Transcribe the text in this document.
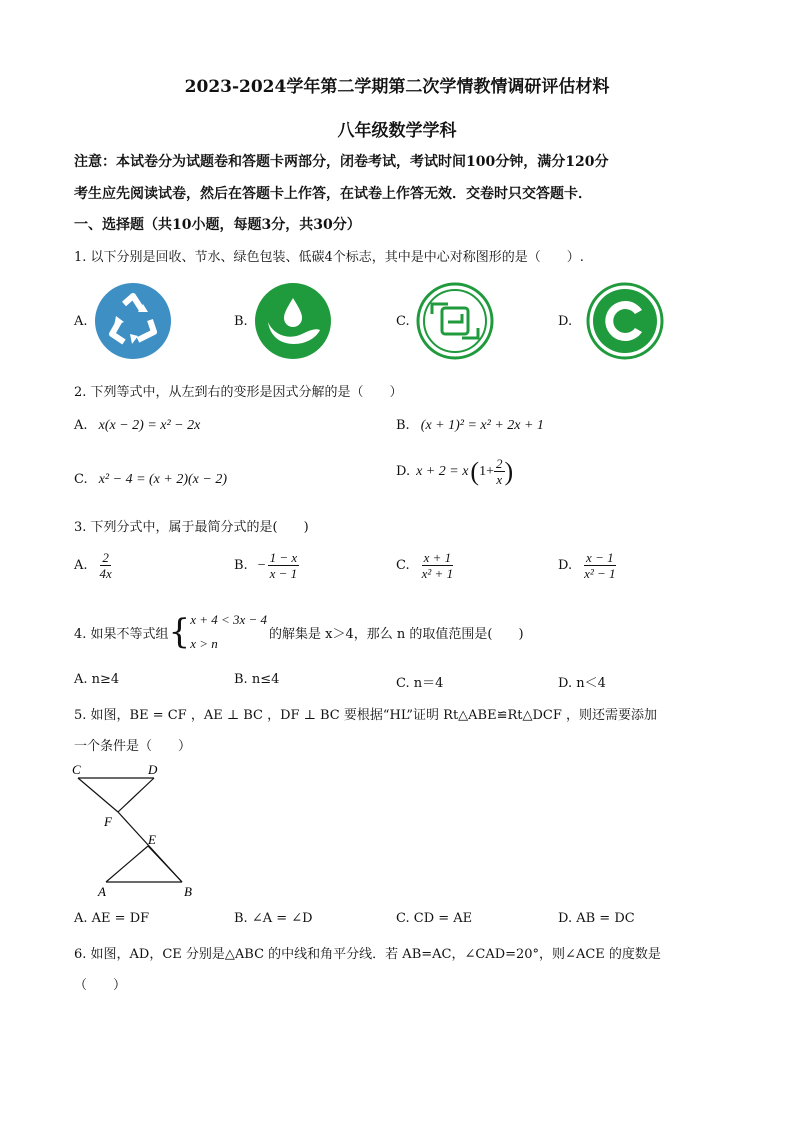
2023-2024学年第二学期第二次学情教情调研评估材料
八年级数学学科
注意：本试卷分为试题卷和答题卡两部分，闭卷考试，考试时间100分钟，满分120分
考生应先阅读试卷，然后在答题卡上作答，在试卷上作答无效．交卷时只交答题卡．
一、选择题（共10小题，每题3分，共30分）
1. 以下分别是回收、节水、绿色包装、低碳4个标志，其中是中心对称图形的是（　　）.
A.	B.	C.	D.
2. 下列等式中，从左到右的变形是因式分解的是（　　）
A. x(x − 2) = x² − 2x	B. (x + 1)² = x² + 2x + 1
C. x² − 4 = (x + 2)(x − 2)
D. x + 2 = x ( $1+ \frac{2}{x}$ )
3. 下列分式中，属于最简分式的是(　　)
A. $\frac{2}{4x}$	B. − $\frac{1 - x}{x - 1}$	C. $\frac{x + 1}{\text{x² + 1}}$	D. $\frac{x - 1}{\text{x² − 1}}$
4. 如果不等式组 { x + 4 < 3x − 4
x > n
的解集是 x＞4，那么 n 的取值范围是(　　)
A. n≥4	B. n≤4	C. n＝4	D. n＜4
5. 如图，BE = CF ，AE ⊥ BC ，DF ⊥ BC 要根据“HL”证明 Rt△ABE≌Rt△DCF ，则还需要添加
一个条件是（　　）
C	D
F
E
A	B
A. AE = DF	B. ∠A = ∠D	C. CD = AE	D. AB = DC
6. 如图，AD，CE 分别是△ABC 的中线和角平分线．若 AB=AC，∠CAD=20°，则∠ACE 的度数是
（　　）
